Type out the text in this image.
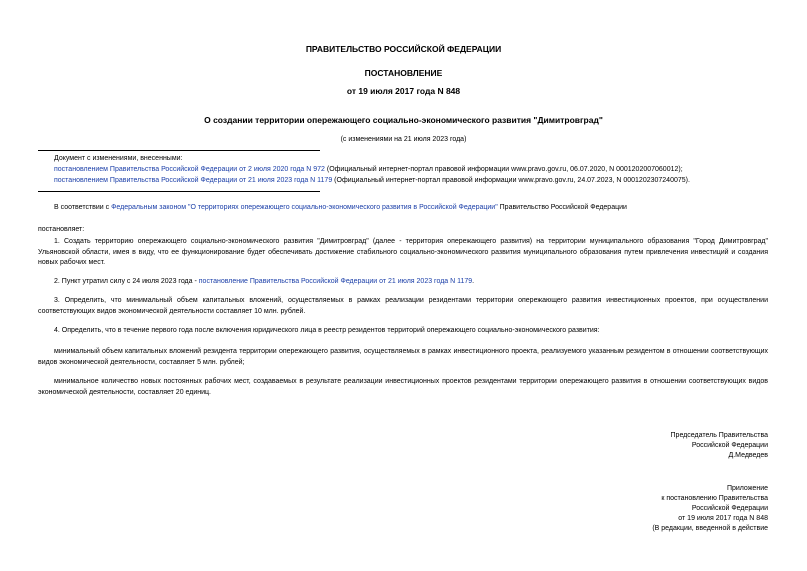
ПРАВИТЕЛЬСТВО РОССИЙСКОЙ ФЕДЕРАЦИИ
ПОСТАНОВЛЕНИЕ
от 19 июля 2017 года N 848
О создании территории опережающего социально-экономического развития "Димитровград"
(с изменениями на 21 июля 2023 года)
Документ с изменениями, внесенными:
постановлением Правительства Российской Федерации от 2 июля 2020 года N 972 (Официальный интернет-портал правовой информации www.pravo.gov.ru, 06.07.2020, N 0001202007060012);
постановлением Правительства Российской Федерации от 21 июля 2023 года N 1179 (Официальный интернет-портал правовой информации www.pravo.gov.ru, 24.07.2023, N 0001202307240075).
В соответствии с Федеральным законом "О территориях опережающего социально-экономического развития в Российской Федерации" Правительство Российской Федерации
постановляет:
1. Создать территорию опережающего социально-экономического развития "Димитровград" (далее - территория опережающего развития) на территории муниципального образования "Город Димитровград" Ульяновской области, имея в виду, что ее функционирование будет обеспечивать достижение стабильного социально-экономического развития муниципального образования путем привлечения инвестиций и создания новых рабочих мест.
2. Пункт утратил силу с 24 июля 2023 года - постановление Правительства Российской Федерации от 21 июля 2023 года N 1179.
3. Определить, что минимальный объем капитальных вложений, осуществляемых в рамках реализации резидентами территории опережающего развития инвестиционных проектов, при осуществлении соответствующих видов экономической деятельности составляет 10 млн. рублей.
4. Определить, что в течение первого года после включения юридического лица в реестр резидентов территорий опережающего социально-экономического развития:
минимальный объем капитальных вложений резидента территории опережающего развития, осуществляемых в рамках инвестиционного проекта, реализуемого указанным резидентом в отношении соответствующих видов экономической деятельности, составляет 5 млн. рублей;
минимальное количество новых постоянных рабочих мест, создаваемых в результате реализации инвестиционных проектов резидентами территории опережающего развития в отношении соответствующих видов экономической деятельности, составляет 20 единиц.
Председатель Правительства
Российской Федерации
Д.Медведев
Приложение
к постановлению Правительства
Российской Федерации
от 19 июля 2017 года N 848
(В редакции, введенной в действие
